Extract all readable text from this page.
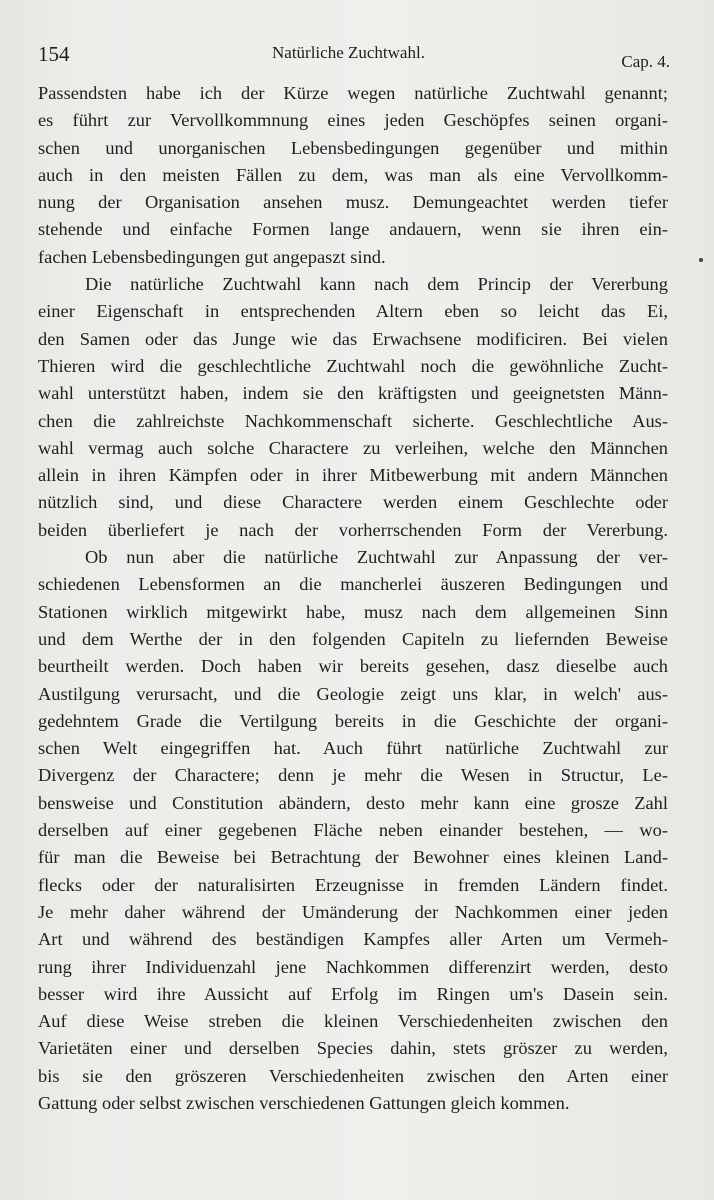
154	Natürliche Zuchtwahl.	Cap. 4.
Passendsten habe ich der Kürze wegen natürliche Zuchtwahl genannt;
es führt zur Vervollkommnung eines jeden Geschöpfes seinen organi-
schen und unorganischen Lebensbedingungen gegenüber und mithin
auch in den meisten Fällen zu dem, was man als eine Vervollkomm-
nung der Organisation ansehen musz. Demungeachtet werden tiefer
stehende und einfache Formen lange andauern, wenn sie ihren ein-
fachen Lebensbedingungen gut angepaszt sind.
Die natürliche Zuchtwahl kann nach dem Princip der Vererbung
einer Eigenschaft in entsprechenden Altern eben so leicht das Ei,
den Samen oder das Junge wie das Erwachsene modificiren. Bei vielen
Thieren wird die geschlechtliche Zuchtwahl noch die gewöhnliche Zucht-
wahl unterstützt haben, indem sie den kräftigsten und geeignetsten Männ-
chen die zahlreichste Nachkommenschaft sicherte. Geschlechtliche Aus-
wahl vermag auch solche Charactere zu verleihen, welche den Männchen
allein in ihren Kämpfen oder in ihrer Mitbewerbung mit andern Männchen
nützlich sind, und diese Charactere werden einem Geschlechte oder
beiden überliefert je nach der vorherrschenden Form der Vererbung.
Ob nun aber die natürliche Zuchtwahl zur Anpassung der ver-
schiedenen Lebensformen an die mancherlei äuszeren Bedingungen und
Stationen wirklich mitgewirkt habe, musz nach dem allgemeinen Sinn
und dem Werthe der in den folgenden Capiteln zu liefernden Beweise
beurtheilt werden. Doch haben wir bereits gesehen, dasz dieselbe auch
Austilgung verursacht, und die Geologie zeigt uns klar, in welch' aus-
gedehntem Grade die Vertilgung bereits in die Geschichte der organi-
schen Welt eingegriffen hat. Auch führt natürliche Zuchtwahl zur
Divergenz der Charactere; denn je mehr die Wesen in Structur, Le-
bensweise und Constitution abändern, desto mehr kann eine grosze Zahl
derselben auf einer gegebenen Fläche neben einander bestehen, — wo-
für man die Beweise bei Betrachtung der Bewohner eines kleinen Land-
flecks oder der naturalisirten Erzeugnisse in fremden Ländern findet.
Je mehr daher während der Umänderung der Nachkommen einer jeden
Art und während des beständigen Kampfes aller Arten um Vermeh-
rung ihrer Individuenzahl jene Nachkommen differenzirt werden, desto
besser wird ihre Aussicht auf Erfolg im Ringen um's Dasein sein.
Auf diese Weise streben die kleinen Verschiedenheiten zwischen den
Varietäten einer und derselben Species dahin, stets gröszer zu werden,
bis sie den gröszeren Verschiedenheiten zwischen den Arten einer
Gattung oder selbst zwischen verschiedenen Gattungen gleich kommen.
